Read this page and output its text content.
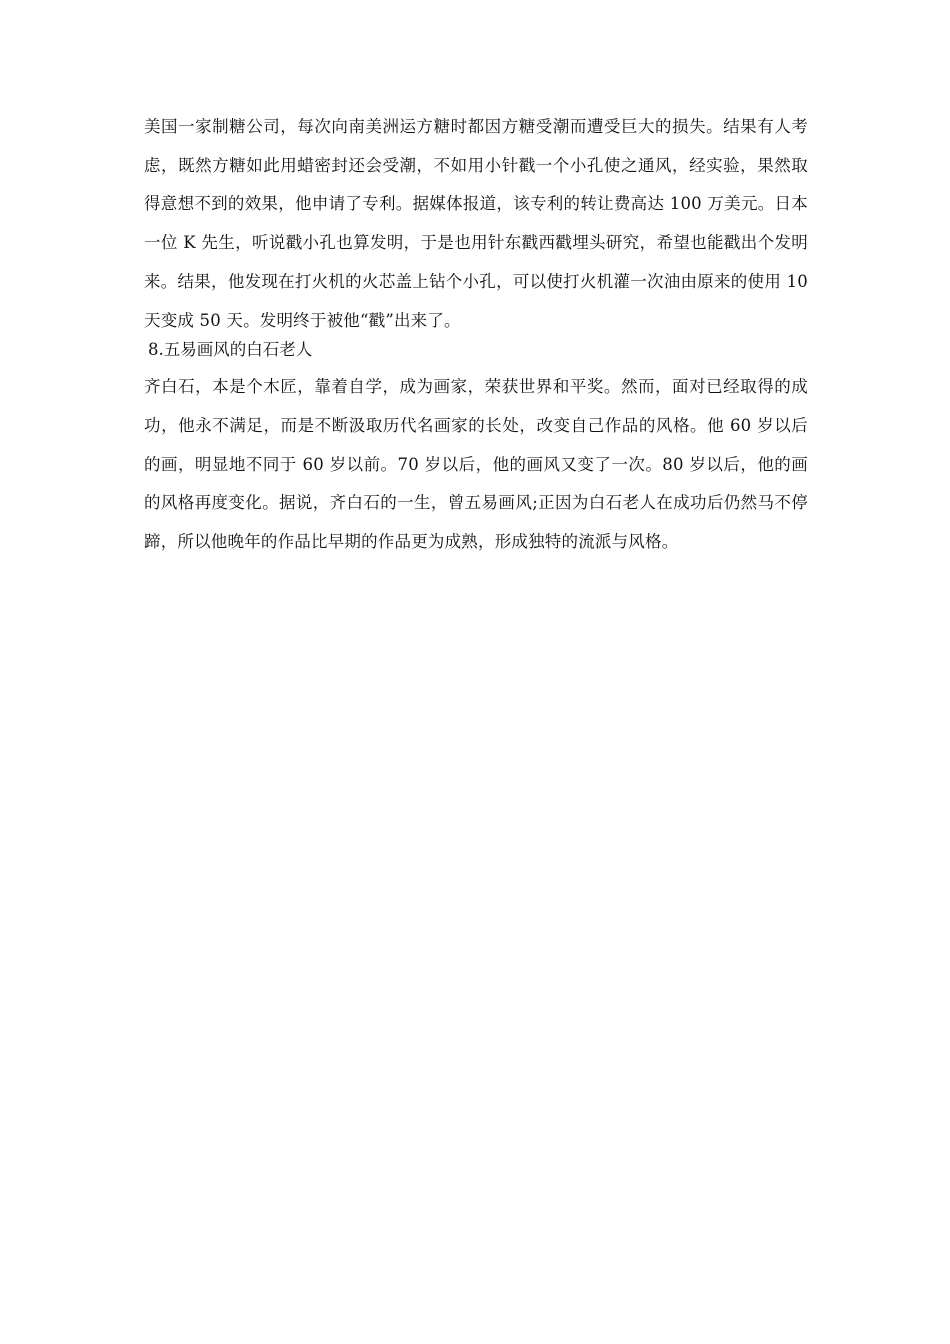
美国一家制糖公司，每次向南美洲运方糖时都因方糖受潮而遭受巨大的损失。结果有人考虑，既然方糖如此用蜡密封还会受潮，不如用小针戳一个小孔使之通风，经实验，果然取得意想不到的效果，他申请了专利。据媒体报道，该专利的转让费高达 100 万美元。日本一位 K 先生，听说戳小孔也算发明，于是也用针东戳西戳埋头研究，希望也能戳出个发明来。结果，他发现在打火机的火芯盖上钻个小孔，可以使打火机灌一次油由原来的使用 10 天变成 50 天。发明终于被他“戳”出来了。

8.五易画风的白石老人

齐白石，本是个木匠，靠着自学，成为画家，荣获世界和平奖。然而，面对已经取得的成功，他永不满足，而是不断汲取历代名画家的长处，改变自己作品的风格。他 60 岁以后的画，明显地不同于 60 岁以前。70 岁以后，他的画风又变了一次。80 岁以后，他的画的风格再度变化。据说，齐白石的一生，曾五易画风;正因为白石老人在成功后仍然马不停蹄，所以他晚年的作品比早期的作品更为成熟，形成独特的流派与风格。
